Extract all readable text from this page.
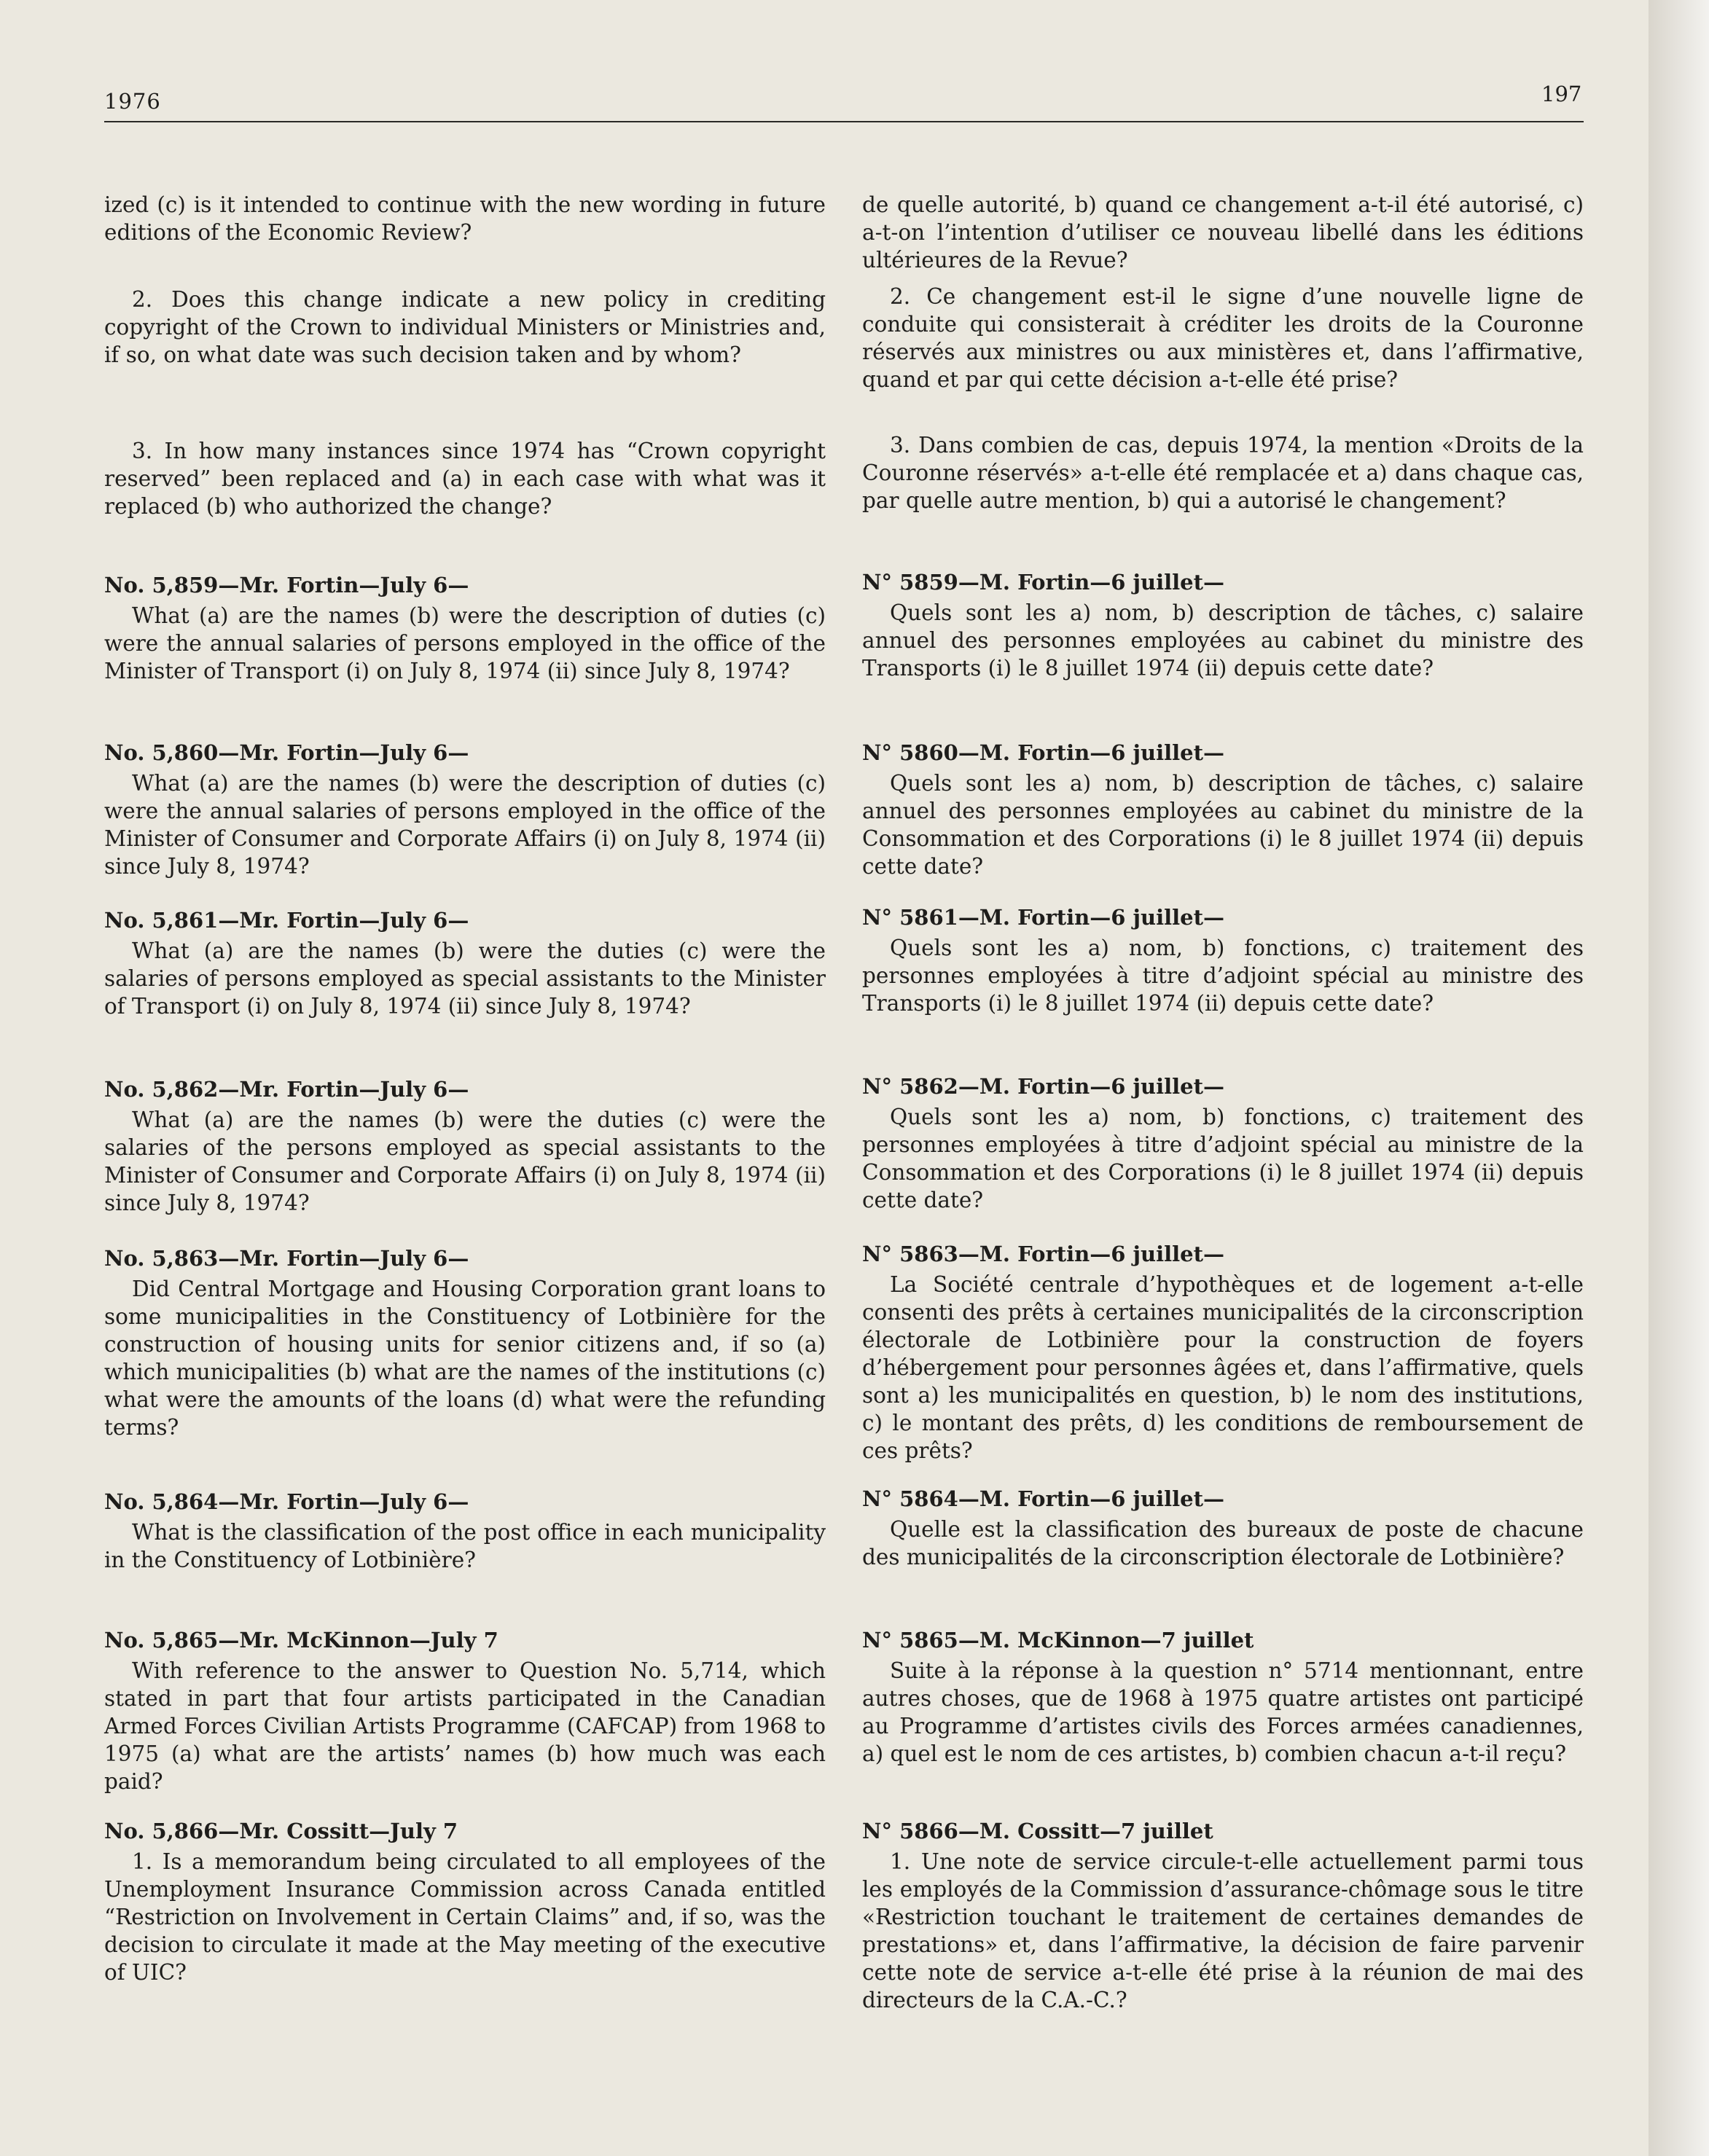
1976	197

ized (c) is it intended to continue with the new wording in future editions of the Economic Review?

2. Does this change indicate a new policy in crediting copyright of the Crown to individual Ministers or Ministries and, if so, on what date was such decision taken and by whom?

3. In how many instances since 1974 has “Crown copyright reserved” been replaced and (a) in each case with what was it replaced (b) who authorized the change?

No. 5,859—Mr. Fortin—July 6—

What (a) are the names (b) were the description of duties (c) were the annual salaries of persons employed in the office of the Minister of Transport (i) on July 8, 1974 (ii) since July 8, 1974?

No. 5,860—Mr. Fortin—July 6—

What (a) are the names (b) were the description of duties (c) were the annual salaries of persons employed in the office of the Minister of Consumer and Corporate Affairs (i) on July 8, 1974 (ii) since July 8, 1974?

No. 5,861—Mr. Fortin—July 6—

What (a) are the names (b) were the duties (c) were the salaries of persons employed as special assistants to the Minister of Transport (i) on July 8, 1974 (ii) since July 8, 1974?

No. 5,862—Mr. Fortin—July 6—

What (a) are the names (b) were the duties (c) were the salaries of the persons employed as special assistants to the Minister of Consumer and Corporate Affairs (i) on July 8, 1974 (ii) since July 8, 1974?

No. 5,863—Mr. Fortin—July 6—

Did Central Mortgage and Housing Corporation grant loans to some municipalities in the Constituency of Lotbinière for the construction of housing units for senior citizens and, if so (a) which municipalities (b) what are the names of the institutions (c) what were the amounts of the loans (d) what were the refunding terms?

No. 5,864—Mr. Fortin—July 6—

What is the classification of the post office in each municipality in the Constituency of Lotbinière?

No. 5,865—Mr. McKinnon—July 7

With reference to the answer to Question No. 5,714, which stated in part that four artists participated in the Canadian Armed Forces Civilian Artists Programme (CAFCAP) from 1968 to 1975 (a) what are the artists’ names (b) how much was each paid?

No. 5,866—Mr. Cossitt—July 7

1. Is a memorandum being circulated to all employees of the Unemployment Insurance Commission across Canada entitled “Restriction on Involvement in Certain Claims” and, if so, was the decision to circulate it made at the May meeting of the executive of UIC?

de quelle autorité, b) quand ce changement a-t-il été autorisé, c) a-t-on l’intention d’utiliser ce nouveau libellé dans les éditions ultérieures de la Revue?

2. Ce changement est-il le signe d’une nouvelle ligne de conduite qui consisterait à créditer les droits de la Couronne réservés aux ministres ou aux ministères et, dans l’affirmative, quand et par qui cette décision a-t-elle été prise?

3. Dans combien de cas, depuis 1974, la mention «Droits de la Couronne réservés» a-t-elle été remplacée et a) dans chaque cas, par quelle autre mention, b) qui a autorisé le changement?

N° 5859—M. Fortin—6 juillet—

Quels sont les a) nom, b) description de tâches, c) salaire annuel des personnes employées au cabinet du ministre des Transports (i) le 8 juillet 1974 (ii) depuis cette date?

N° 5860—M. Fortin—6 juillet—

Quels sont les a) nom, b) description de tâches, c) salaire annuel des personnes employées au cabinet du ministre de la Consommation et des Corporations (i) le 8 juillet 1974 (ii) depuis cette date?

N° 5861—M. Fortin—6 juillet—

Quels sont les a) nom, b) fonctions, c) traitement des personnes employées à titre d’adjoint spécial au ministre des Transports (i) le 8 juillet 1974 (ii) depuis cette date?

N° 5862—M. Fortin—6 juillet—

Quels sont les a) nom, b) fonctions, c) traitement des personnes employées à titre d’adjoint spécial au ministre de la Consommation et des Corporations (i) le 8 juillet 1974 (ii) depuis cette date?

N° 5863—M. Fortin—6 juillet—

La Société centrale d’hypothèques et de logement a-t-elle consenti des prêts à certaines municipalités de la circonscription électorale de Lotbinière pour la construction de foyers d’hébergement pour personnes âgées et, dans l’affirmative, quels sont a) les municipalités en question, b) le nom des institutions, c) le montant des prêts, d) les conditions de remboursement de ces prêts?

N° 5864—M. Fortin—6 juillet—

Quelle est la classification des bureaux de poste de chacune des municipalités de la circonscription électorale de Lotbinière?

N° 5865—M. McKinnon—7 juillet

Suite à la réponse à la question n° 5714 mentionnant, entre autres choses, que de 1968 à 1975 quatre artistes ont participé au Programme d’artistes civils des Forces armées canadiennes, a) quel est le nom de ces artistes, b) combien chacun a-t-il reçu?

N° 5866—M. Cossitt—7 juillet

1. Une note de service circule-t-elle actuellement parmi tous les employés de la Commission d’assurance-chômage sous le titre «Restriction touchant le traitement de certaines demandes de prestations» et, dans l’affirmative, la décision de faire parvenir cette note de service a-t-elle été prise à la réunion de mai des directeurs de la C.A.-C.?
